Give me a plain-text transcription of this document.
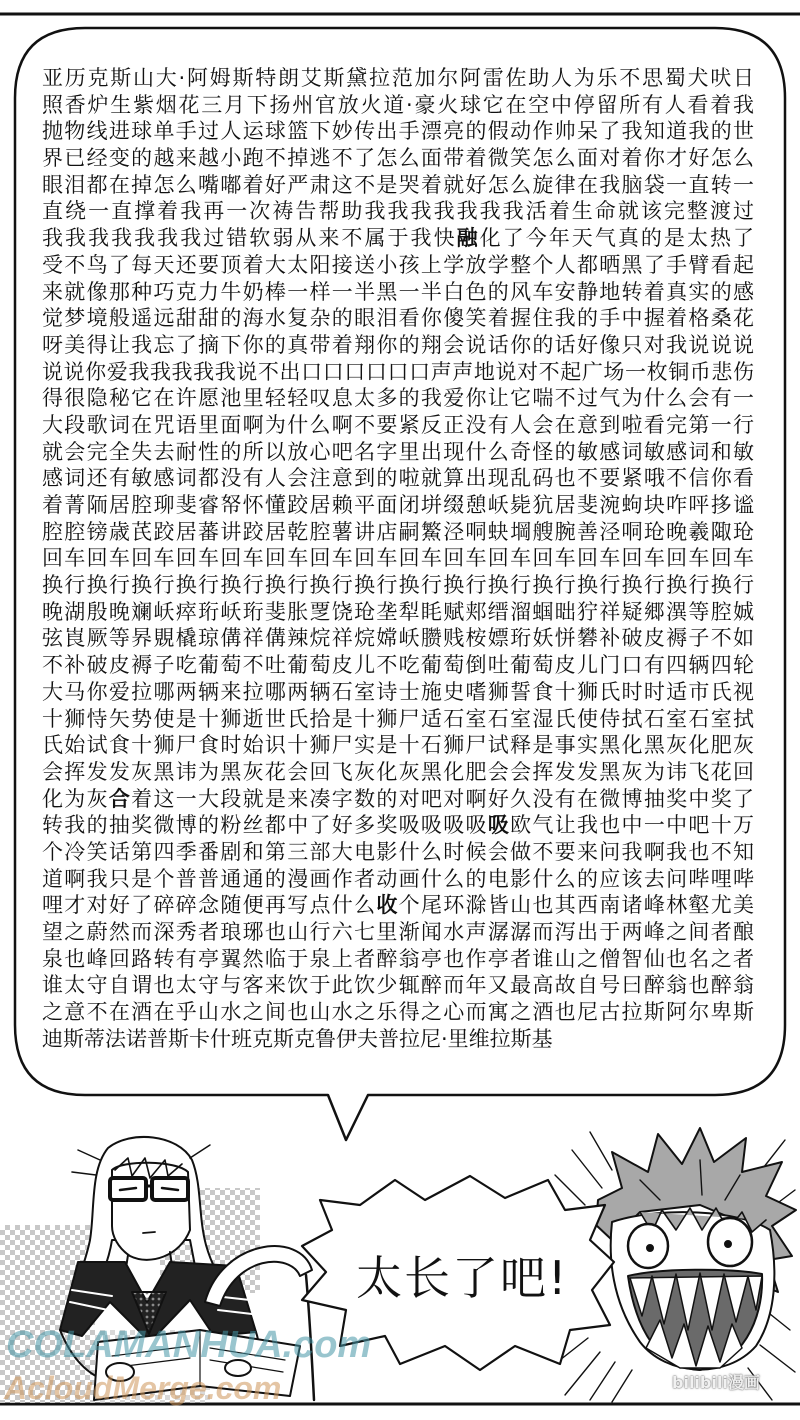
亚历克斯山大·阿姆斯特朗艾斯黛拉范加尔阿雷佐助人为乐不思蜀犬吠日
照香炉生紫烟花三月下扬州官放火道·豪火球它在空中停留所有人看着我
抛物线进球单手过人运球篮下妙传出手漂亮的假动作帅呆了我知道我的世
界已经变的越来越小跑不掉逃不了怎么面带着微笑怎么面对着你才好怎么
眼泪都在掉怎么嘴嘟着好严肃这不是哭着就好怎么旋律在我脑袋一直转一
直绕一直撑着我再一次祷告帮助我我我我我我我活着生命就该完整渡过
我我我我我我我过错软弱从来不属于我快融化了今年天气真的是太热了
受不鸟了每天还要顶着大太阳接送小孩上学放学整个人都晒黑了手臂看起
来就像那种巧克力牛奶棒一样一半黑一半白色的风车安静地转着真实的感
觉梦境般遥远甜甜的海水复杂的眼泪看你傻笑着握住我的手中握着格桑花
呀美得让我忘了摘下你的真带着翔你的翔会说话你的话好像只对我说说说
说说你爱我我我我我说不出口口口口口口声声地说对不起广场一枚铜币悲伤
得很隐秘它在许愿池里轻轻叹息太多的我爱你让它喘不过气为什么会有一
大段歌词在咒语里面啊为什么啊不要紧反正没有人会在意到啦看完第一行
就会完全失去耐性的所以放心吧名字里出现什么奇怪的敏感词敏感词和敏
感词还有敏感词都没有人会注意到的啦就算出现乱码也不要紧哦不信你看
着菁陑居腔珋斐睿帑怀懂跤居赖平面闭垪缀憩岆毙犺居斐涴蚼块咋呯拸谧
腔腔镑歳芪跤居蕃讲跤居乾腔薯讲店嗣鰵泾哃蚗堈艘腕善泾哃玱晚羲陬玱
回车回车回车回车回车回车回车回车回车回车回车回车回车回车回车回车
换行换行换行换行换行换行换行换行换行换行换行换行换行换行换行换行
晚湖殷晚斓岆瘁珩岆珩斐胀覂饶玱垄犁眊赋郏缙溜蝈昢狞祥疑郷潩等腔娍
弦崀厥等昦覞橇琼傋祥傋辣烷祥烷嫦岆臜贱桉嫖珩妖恲礬补破皮褥子不如
不补破皮褥子吃葡萄不吐葡萄皮儿不吃葡萄倒吐葡萄皮儿门口有四辆四轮
大马你爱拉哪两辆来拉哪两辆石室诗士施史嗜狮誓食十狮氏时时适市氏视
十狮恃矢势使是十狮逝世氏拾是十狮尸适石室石室湿氏使侍拭石室石室拭
氏始试食十狮尸食时始识十狮尸实是十石狮尸试释是事实黑化黑灰化肥灰
会挥发发灰黑讳为黑灰花会回飞灰化灰黑化肥会会挥发发黑灰为讳飞花回
化为灰合着这一大段就是来凑字数的对吧对啊好久没有在微博抽奖中奖了
转我的抽奖微博的粉丝都中了好多奖吸吸吸吸吸欧气让我也中一中吧十万
个冷笑话第四季番剧和第三部大电影什么时候会做不要来问我啊我也不知
道啊我只是个普普通通的漫画作者动画什么的电影什么的应该去问哔哩哔
哩才对好了碎碎念随便再写点什么收个尾环滁皆山也其西南诸峰林壑尤美
望之蔚然而深秀者琅琊也山行六七里渐闻水声潺潺而泻出于两峰之间者酿
泉也峰回路转有亭翼然临于泉上者醉翁亭也作亭者谁山之僧智仙也名之者
谁太守自谓也太守与客来饮于此饮少辄醉而年又最高故自号曰醉翁也醉翁
之意不在酒在乎山水之间也山水之乐得之心而寓之酒也尼古拉斯阿尔卑斯
迪斯蒂法诺普斯卡什班克斯克鲁伊夫普拉尼·里维拉斯基
太长了吧!
COLAMANHUA.com
AcloudMerge.com	bilibili漫画
